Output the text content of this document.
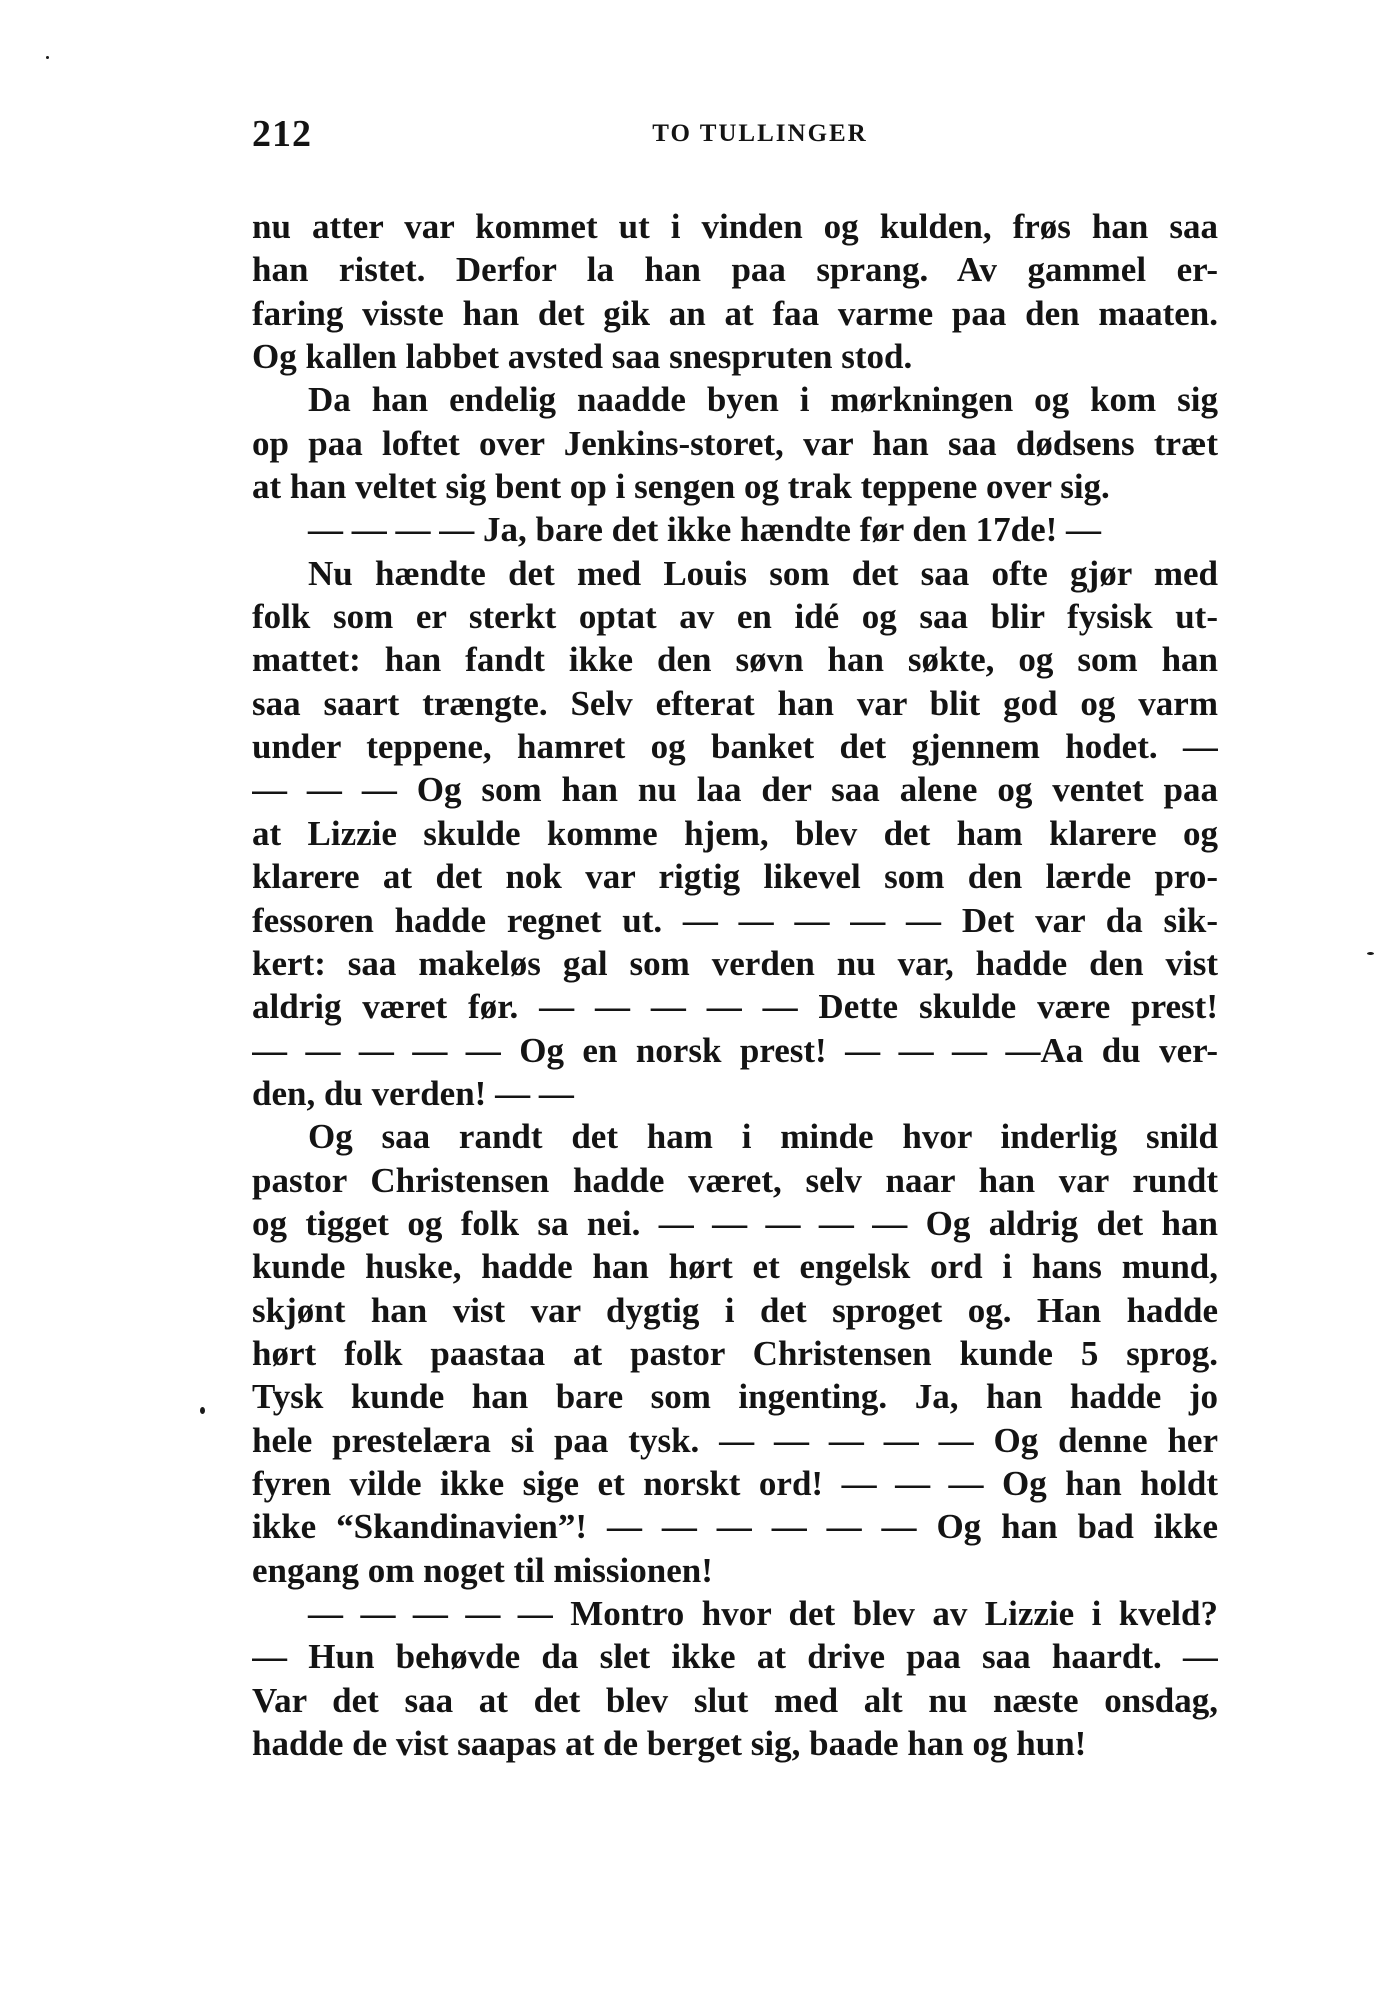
212	TO TULLINGER
nu atter var kommet ut i vinden og kulden, frøs han saa
han ristet. Derfor la han paa sprang. Av gammel er-
faring visste han det gik an at faa varme paa den maaten.
Og kallen labbet avsted saa snespruten stod.
Da han endelig naadde byen i mørkningen og kom sig
op paa loftet over Jenkins-storet, var han saa dødsens træt
at han veltet sig bent op i sengen og trak teppene over sig.
— — — — Ja, bare det ikke hændte før den 17de! —
Nu hændte det med Louis som det saa ofte gjør med
folk som er sterkt optat av en idé og saa blir fysisk ut-
mattet: han fandt ikke den søvn han søkte, og som han
saa saart trængte. Selv efterat han var blit god og varm
under teppene, hamret og banket det gjennem hodet. —
— — — Og som han nu laa der saa alene og ventet paa
at Lizzie skulde komme hjem, blev det ham klarere og
klarere at det nok var rigtig likevel som den lærde pro-
fessoren hadde regnet ut. — — — — — Det var da sik-
kert: saa makeløs gal som verden nu var, hadde den vist
aldrig været før. — — — — — Dette skulde være prest!
— — — — — Og en norsk prest! — — — —Aa du ver-
den, du verden! — —
Og saa randt det ham i minde hvor inderlig snild
pastor Christensen hadde været, selv naar han var rundt
og tigget og folk sa nei. — — — — — Og aldrig det han
kunde huske, hadde han hørt et engelsk ord i hans mund,
skjønt han vist var dygtig i det sproget og. Han hadde
hørt folk paastaa at pastor Christensen kunde 5 sprog.
Tysk kunde han bare som ingenting. Ja, han hadde jo
hele prestelæra si paa tysk. — — — — — Og denne her
fyren vilde ikke sige et norskt ord! — — — Og han holdt
ikke “Skandinavien”! — — — — — — Og han bad ikke
engang om noget til missionen!
— — — — — Montro hvor det blev av Lizzie i kveld?
— Hun behøvde da slet ikke at drive paa saa haardt. —
Var det saa at det blev slut med alt nu næste onsdag,
hadde de vist saapas at de berget sig, baade han og hun!
